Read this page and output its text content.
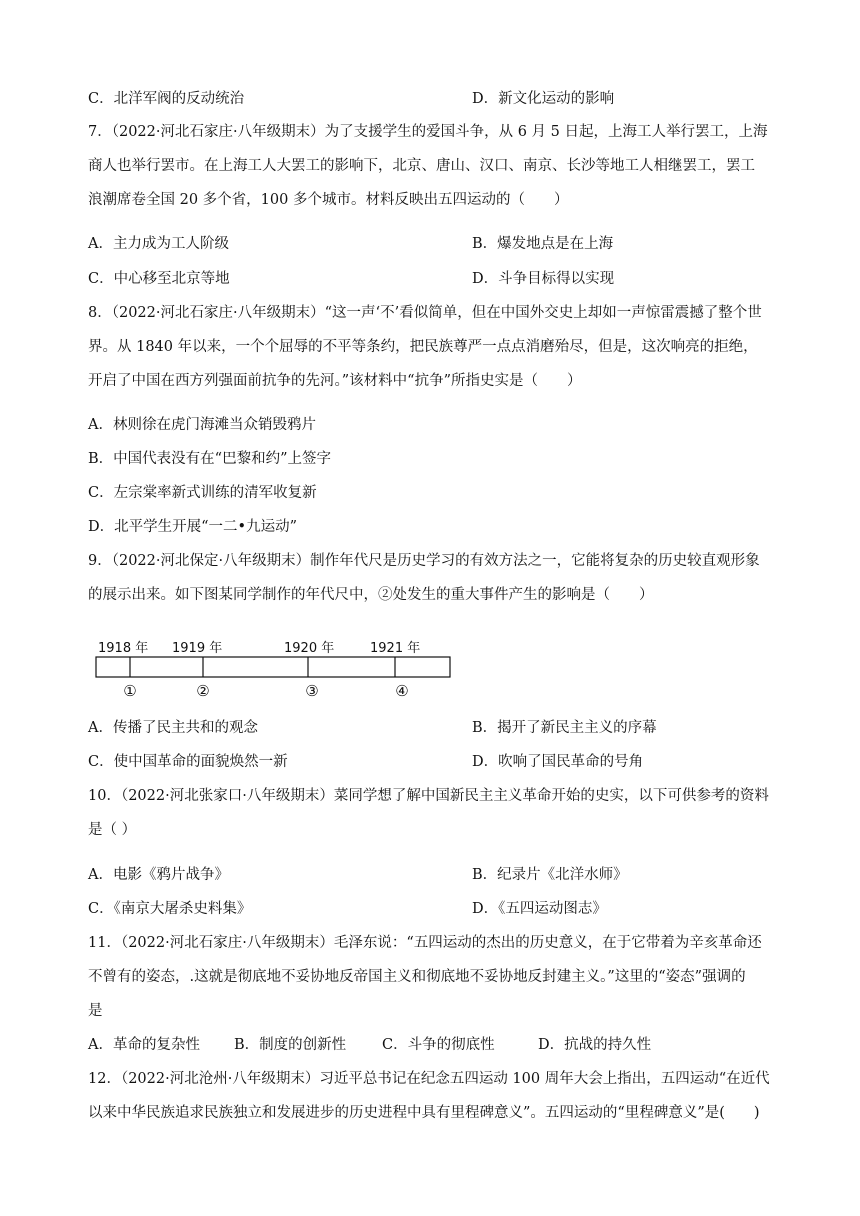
C．北洋军阀的反动统治	D．新文化运动的影响
7．（2022·河北石家庄·八年级期末）为了支援学生的爱国斗争，从 6 月 5 日起，上海工人举行罢工，上海
商人也举行罢市。在上海工人大罢工的影响下，北京、唐山、汉口、南京、长沙等地工人相继罢工，罢工
浪潮席卷全国 20 多个省，100 多个城市。材料反映出五四运动的（　　）
A．主力成为工人阶级	B．爆发地点是在上海
C．中心移至北京等地	D．斗争目标得以实现
8．（2022·河北石家庄·八年级期末）“这一声‘不’看似简单，但在中国外交史上却如一声惊雷震撼了整个世
界。从 1840 年以来，一个个屈辱的不平等条约，把民族尊严一点点消磨殆尽，但是，这次响亮的拒绝，
开启了中国在西方列强面前抗争的先河。”该材料中“抗争”所指史实是（　　）
A．林则徐在虎门海滩当众销毁鸦片
B．中国代表没有在“巴黎和约”上签字
C．左宗棠率新式训练的清军收复新
D．北平学生开展“一二•九运动”
9．（2022·河北保定·八年级期末）制作年代尺是历史学习的有效方法之一，它能将复杂的历史较直观形象
的展示出来。如下图某同学制作的年代尺中，②处发生的重大事件产生的影响是（　　）
1918 年 1919 年	1920 年	1921 年
①	②	③	④
A．传播了民主共和的观念	B．揭开了新民主主义的序幕
C．使中国革命的面貌焕然一新	D．吹响了国民革命的号角
10．（2022·河北张家口·八年级期末）菜同学想了解中国新民主主义革命开始的史实，以下可供参考的资料
是（ ）
A．电影《鸦片战争》	B．纪录片《北洋水师》
C．《南京大屠杀史料集》	D．《五四运动图志》
11．（2022·河北石家庄·八年级期末）毛泽东说：“五四运动的杰出的历史意义，在于它带着为辛亥革命还
不曾有的姿态，.这就是彻底地不妥协地反帝国主义和彻底地不妥协地反封建主义。”这里的“姿态”强调的
是
A．革命的复杂性 B．制度的创新性 C．斗争的彻底性	D．抗战的持久性
12．（2022·河北沧州·八年级期末）习近平总书记在纪念五四运动 100 周年大会上指出，五四运动“在近代
以来中华民族追求民族独立和发展进步的历史进程中具有里程碑意义”。五四运动的“里程碑意义”是(　　)
